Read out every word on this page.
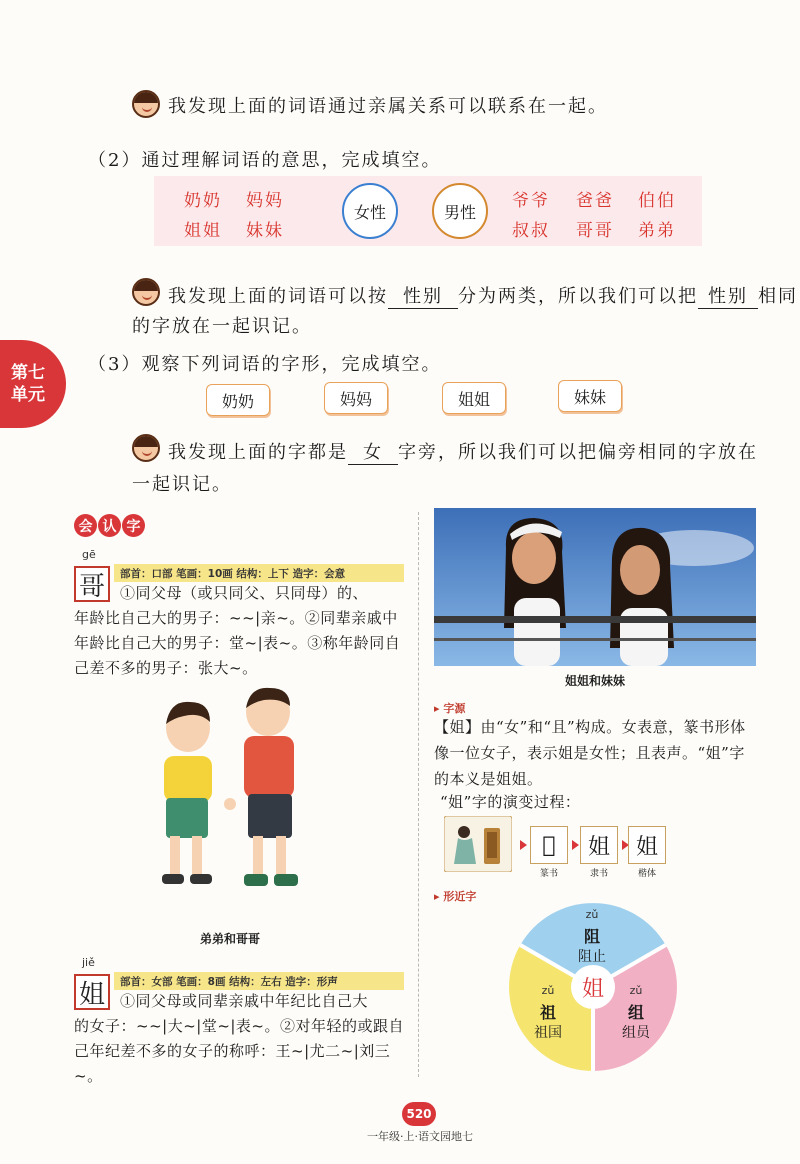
我发现上面的词语通过亲属关系可以联系在一起。
（2）通过理解词语的意思，完成填空。
奶奶 妈妈
姐姐 妹妹
女性	男性
爷爷 爸爸 伯伯
叔叔 哥哥 弟弟
我发现上面的词语可以按 性别 分为两类，所以我们可以把 性别 相同
的字放在一起识记。
第七单元
（3）观察下列词语的字形，完成填空。
奶奶	妈妈	姐姐	妹妹
我发现上面的字都是 女 字旁，所以我们可以把偏旁相同的字放在
一起识记。
会 认 字
gē
哥	部首：口部 笔画：10画 结构：上下 造字：会意
①同父母（或只同父、只同母）的、
年龄比自己大的男子：~~|亲~。②同辈亲戚中年龄比自己大的男子：堂~|表~。③称年龄同自己差不多的男子：张大~。
弟弟和哥哥
jiě
姐	部首：女部 笔画：8画 结构：左右 造字：形声
①同父母或同辈亲戚中年纪比自己大
的女子：~~|大~|堂~|表~。②对年轻的或跟自己年纪差不多的女子的称呼：王~|尤二~|刘三~。
姐姐和妹妹
▸ 字源
【姐】由“女”和“且”构成。女表意，篆书形体像一位女子，表示姐是女性；且表声。“姐”字的本义是姐姐。
“姐”字的演变过程：
𡛯
篆书
姐
隶书
姐
楷体
▸ 形近字
姐
zǔ
阻
阻止
zǔ
祖
祖国
zǔ
组
组员
520
一年级·上·语文园地七
